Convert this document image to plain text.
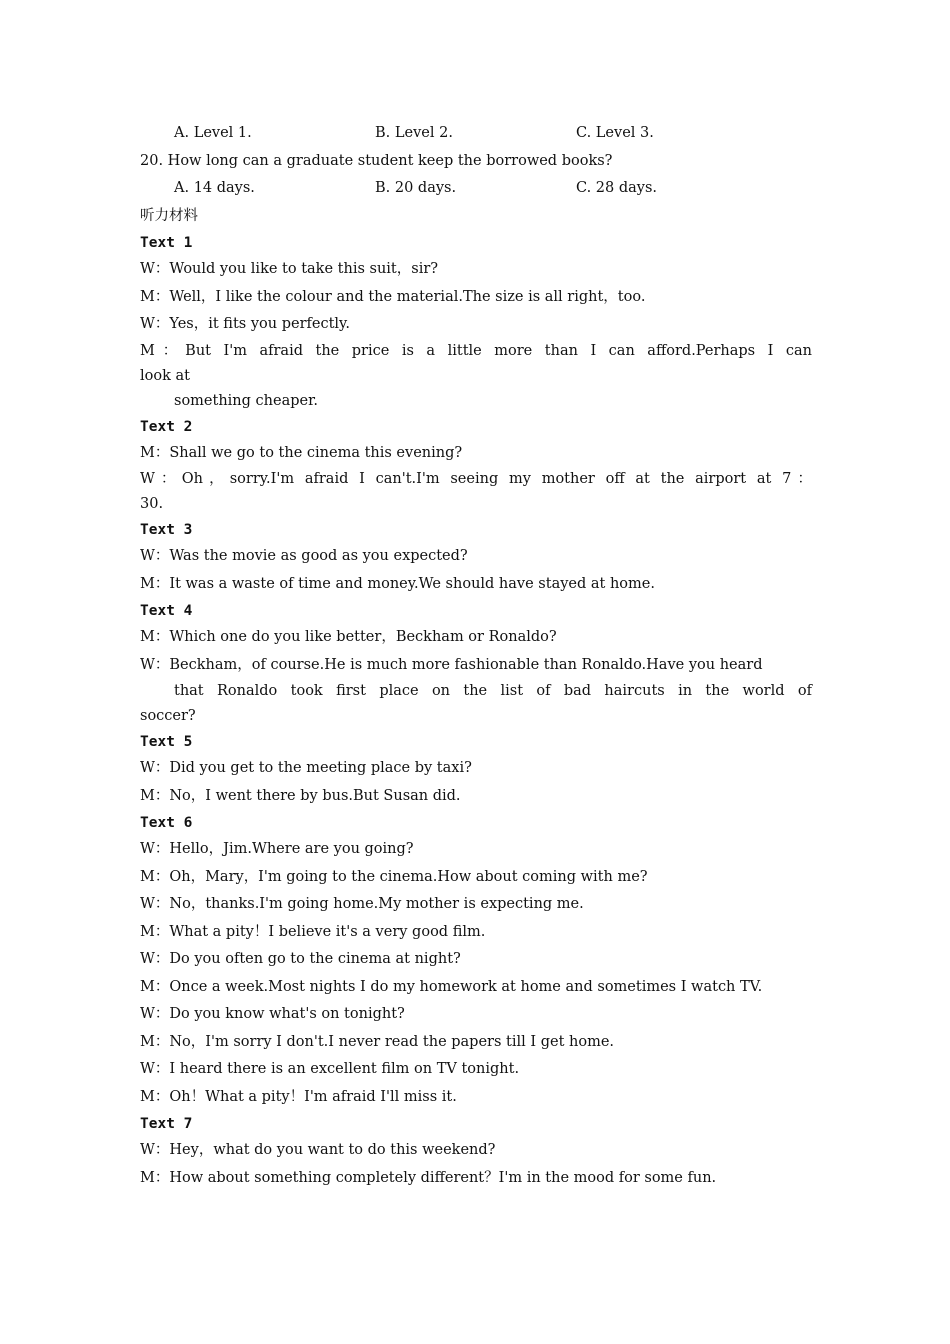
A. Level 1.	B. Level 2.	C. Level 3.
20. How long can a graduate student keep the borrowed books?
A. 14 days.	B. 20 days.	C. 28 days.
听力材料
Text 1
W：Would you like to take this suit，sir?
M：Well，I like the colour and the material.The size is all right，too.
W：Yes，it fits you perfectly.
M：But I'm afraid the price is a little more than I can afford.Perhaps I can
look at
something cheaper.
Text 2
M：Shall we go to the cinema this evening?
W：Oh，sorry.I'm afraid I can't.I'm seeing my mother off at the airport at 7：
30.
Text 3
W：Was the movie as good as you expected?
M：It was a waste of time and money.We should have stayed at home.
Text 4
M：Which one do you like better，Beckham or Ronaldo?
W：Beckham，of course.He is much more fashionable than Ronaldo.Have you heard
that Ronaldo took first place on the list of bad haircuts in the world of
soccer?
Text 5
W：Did you get to the meeting place by taxi?
M：No，I went there by bus.But Susan did.
Text 6
W：Hello，Jim.Where are you going?
M：Oh，Mary，I'm going to the cinema.How about coming with me?
W：No，thanks.I'm going home.My mother is expecting me.
M：What a pity！I believe it's a very good film.
W：Do you often go to the cinema at night?
M：Once a week.Most nights I do my homework at home and sometimes I watch TV.
W：Do you know what's on tonight?
M：No，I'm sorry I don't.I never read the papers till I get home.
W：I heard there is an excellent film on TV tonight.
M：Oh！What a pity！I'm afraid I'll miss it.
Text 7
W：Hey，what do you want to do this weekend?
M：How about something completely different？I'm in the mood for some fun.
